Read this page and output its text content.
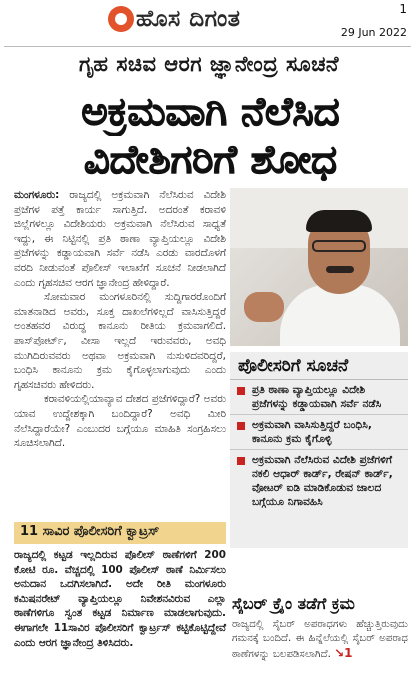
ಹೊಸ ದಿಗಂತ	1
29 Jun 2022
ಗೃಹ ಸಚಿವ ಆರಗ ಜ್ಞಾನೇಂದ್ರ ಸೂಚನೆ
ಅಕ್ರಮವಾಗಿ ನೆಲೆಸಿದ
ವಿದೇಶಿಗರಿಗೆ ಶೋಧ

ಮಂಗಳೂರು: ರಾಜ್ಯದಲ್ಲಿ ಅಕ್ರಮವಾಗಿ ನೆಲೆಸಿರುವ ವಿದೇಶಿ ಪ್ರಜೆಗಳ ಪತ್ತೆ ಕಾರ್ಯ ಸಾಗುತ್ತಿದೆ. ಅದರಂತೆ ಕರಾವಳಿ ಜಿಲ್ಲೆಗಳಲ್ಲೂ ವಿದೇಶಿಯರು ಅಕ್ರಮವಾಗಿ ನೆಲೆಸಿರುವ ಸಾಧ್ಯತೆ ಇದ್ದು, ಈ ನಿಟ್ಟಿನಲ್ಲಿ ಪ್ರತಿ ಠಾಣಾ ವ್ಯಾಪ್ತಿಯಲ್ಲೂ ವಿದೇಶಿ ಪ್ರಜೆಗಳನ್ನು ಕಡ್ಡಾಯವಾಗಿ ಸರ್ವೆ ನಡೆಸಿ ಎರಡು ವಾರದೊಳಗೆ ವರದಿ ನೀಡುವಂತೆ ಪೊಲೀಸ್ ಇಲಾಖೆಗೆ ಸೂಚನೆ ನೀಡಲಾಗಿದೆ ಎಂದು ಗೃಹಸಚಿವ ಆರಗ ಜ್ಞಾನೇಂದ್ರ ಹೇಳಿದ್ದಾರೆ.

ಸೋಮವಾರ ಮಂಗಳೂರಿನಲ್ಲಿ ಸುದ್ದಿಗಾರರೊಂದಿಗೆ ಮಾತನಾಡಿದ ಅವರು, ಸೂಕ್ತ ದಾಖಲೆಗಳಿಲ್ಲದೆ ವಾಸಿಸುತ್ತಿದ್ದರೆ ಅಂತಹವರ ವಿರುದ್ಧ ಕಾನೂನು ರೀತಿಯ ಕ್ರಮವಾಗಲಿದೆ. ಪಾಸ್‌ಪೋರ್ಟ್, ವೀಸಾ ಇಲ್ಲದೆ ಇರುವವರು, ಅವಧಿ ಮುಗಿದಿರುವವರು ಅಥವಾ ಅಕ್ರಮವಾಗಿ ನುಸುಳಿದವರಿದ್ದರೆ, ಬಂಧಿಸಿ ಕಾನೂನು ಕ್ರಮ ಕೈಗೊಳ್ಳಲಾಗುವುದು ಎಂದು ಗೃಹಸಚಿವರು ಹೇಳಿದರು.

ಕರಾವಳಿಯಲ್ಲಿಯಾವ್ಯಾವ ದೇಶದ ಪ್ರಜೆಗಳಿದ್ದಾರೆ? ಅವರು ಯಾವ ಉದ್ದೇಶಕ್ಕಾಗಿ ಬಂದಿದ್ದಾರೆ? ಅವಧಿ ಮೀರಿ ನೆಲೆಸಿದ್ದಾರೆಯೇ? ಎಂಬುದರ ಬಗ್ಗೆಯೂ ಮಾಹಿತಿ ಸಂಗ್ರಹಿಸಲು ಸೂಚಿಸಲಾಗಿದೆ.

ಪೊಲೀಸರಿಗೆ ಸೂಚನೆ
ಪ್ರತಿ ಠಾಣಾ ವ್ಯಾಪ್ತಿಯಲ್ಲೂ ವಿದೇಶಿ ಪ್ರಜೆಗಳನ್ನು ಕಡ್ಡಾಯವಾಗಿ ಸರ್ವೆ ನಡೆಸಿ
ಅಕ್ರಮವಾಗಿ ವಾಸಿಸುತ್ತಿದ್ದರೆ ಬಂಧಿಸಿ, ಕಾನೂನು ಕ್ರಮ ಕೈಗೊಳ್ಳಿ
ಅಕ್ರಮವಾಗಿ ನೆಲೆಸಿರುವ ವಿದೇಶಿ ಪ್ರಜೆಗಳಿಗೆ ನಕಲಿ ಆಧಾರ್ ಕಾರ್ಡ್, ರೇಷನ್ ಕಾರ್ಡ್, ವೋಟರ್ ಐಡಿ ಮಾಡಿಕೊಡುವ ಜಾಲದ ಬಗ್ಗೆಯೂ ನಿಗಾವಹಿಸಿ
11 ಸಾವಿರ ಪೊಲೀಸರಿಗೆ ಕ್ವಾಟ್ರಸ್
ರಾಜ್ಯದಲ್ಲಿ ಕಟ್ಟಡ ಇಲ್ಲದಿರುವ ಪೊಲೀಸ್ ಠಾಣೆಗಳಿಗೆ 200 ಕೋಟಿ ರೂ. ವೆಚ್ಚದಲ್ಲಿ 100 ಪೊಲೀಸ್ ಠಾಣೆ ನಿರ್ಮಿಸಲು ಅನುದಾನ ಒದಗಿಸಲಾಗಿದೆ. ಅದೇ ರೀತಿ ಮಂಗಳೂರು ಕಮಿಷನರೇಟ್ ವ್ಯಾಪ್ತಿಯಲ್ಲೂ ನಿವೇಶನವಿರುವ ಎಲ್ಲಾ ಠಾಣೆಗಳಿಗೂ ಸ್ವಂತ ಕಟ್ಟಡ ನಿರ್ಮಾಣ ಮಾಡಲಾಗುವುದು. ಈಗಾಗಲೇ 11ಸಾವಿರ ಪೊಲೀಸರಿಗೆ ಕ್ವಾರ್ಟ್ರಸ್ ಕಟ್ಟಿಕೊಟ್ಟಿದ್ದೇವೆ ಎಂದು ಆರಗ ಜ್ಞಾನೇಂದ್ರ ತಿಳಿಸಿದರು.
ಸೈಬರ್ ಕ್ರೈಂ ತಡೆಗೆ ಕ್ರಮ
ರಾಜ್ಯದಲ್ಲಿ ಸೈಬರ್ ಅಪರಾಧಗಳು ಹೆಚ್ಚುತ್ತಿರುವುದು ಗಮನಕ್ಕೆ ಬಂದಿದೆ. ಈ ಹಿನ್ನೆಲೆಯಲ್ಲಿ ಸೈಬರ್ ಅಪರಾಧ ಠಾಣೆಗಳನ್ನು ಬಲಪಡಿಸಲಾಗಿದೆ. ↘1
